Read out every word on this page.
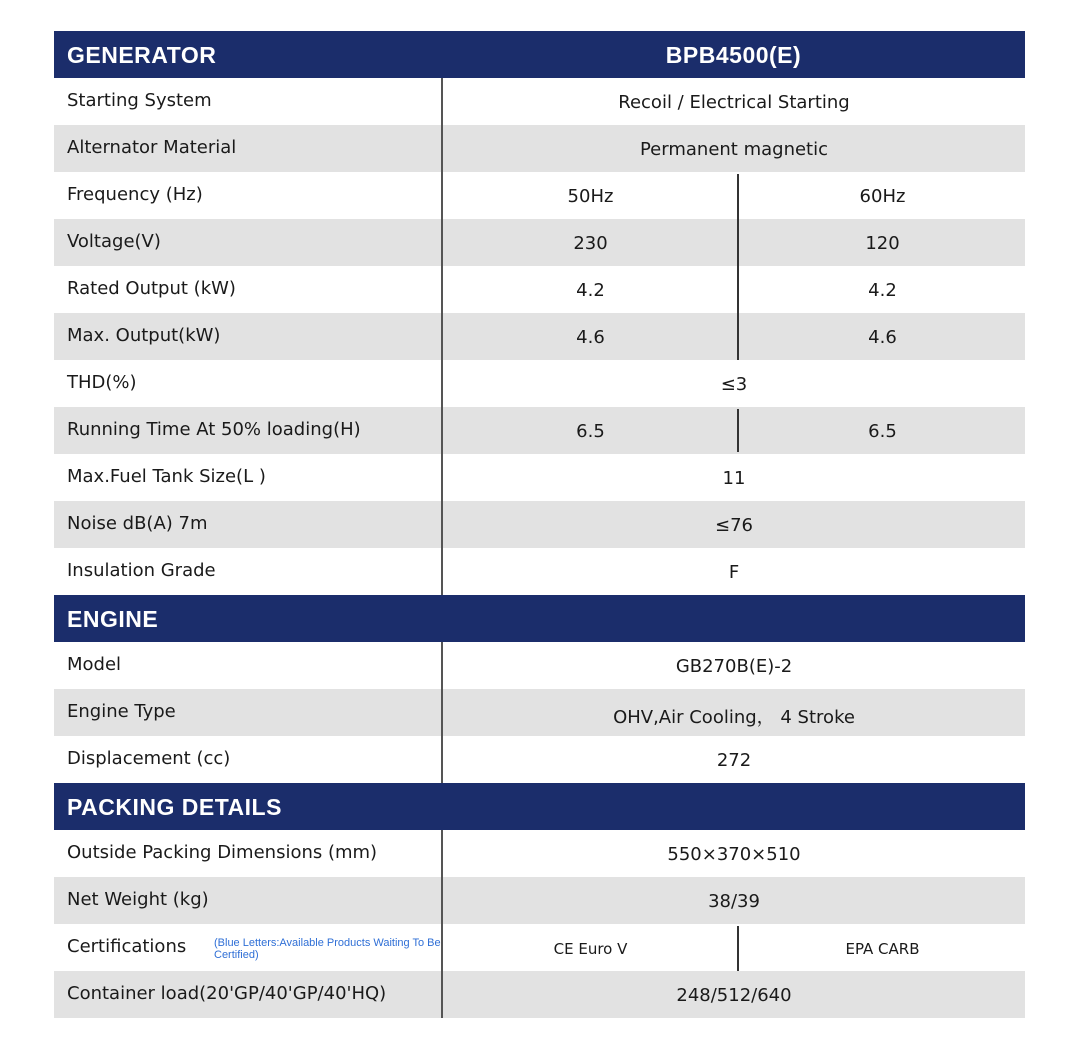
GENERATOR	BPB4500(E)
Starting System	Recoil / Electrical Starting
Alternator Material	Permanent magnetic
Frequency (Hz)	50Hz	60Hz
Voltage(V)	230	120
Rated Output (kW)	4.2	4.2
Max. Output(kW)	4.6	4.6
THD(%)	≤3
Running Time At 50% loading(H)	6.5	6.5
Max.Fuel Tank Size(L )	11
Noise dB(A) 7m	≤76
Insulation Grade	F
ENGINE
Model	GB270B(E)-2
Engine Type	OHV,Air Cooling， 4 Stroke
Displacement (cc)	272
PACKING DETAILS
Outside Packing Dimensions (mm)	550×370×510
Net Weight (kg)	38/39
Certifications	(Blue Letters:Available Products Waiting To Be Certified)	CE Euro V	EPA CARB
Container load(20'GP/40'GP/40'HQ)	248/512/640
